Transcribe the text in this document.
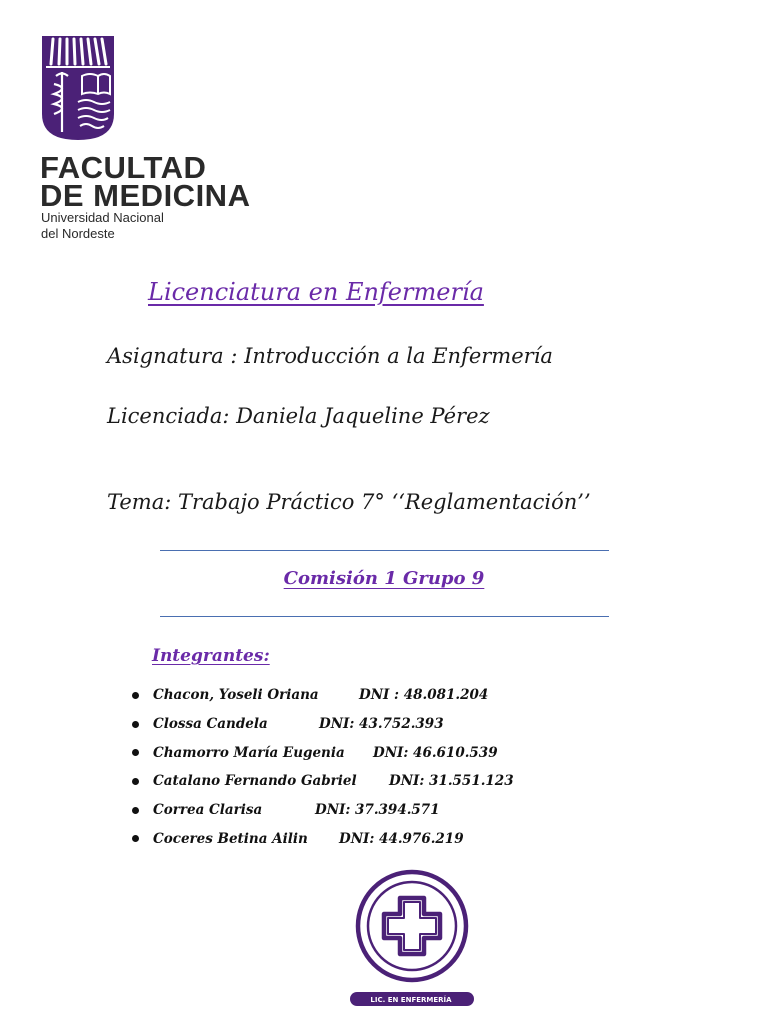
FACULTAD
DE MEDICINA
Universidad Nacional
del Nordeste
Licenciatura en Enfermería
Asignatura : Introducción a la Enfermería
Licenciada: Daniela Jaqueline Pérez
Tema: Trabajo Práctico 7° ‘‘Reglamentación’’
Comisión 1 Grupo 9
Integrantes:
Chacon, Yoseli Oriana	DNI : 48.081.204
Clossa Candela	DNI: 43.752.393
Chamorro María Eugenia	DNI: 46.610.539
Catalano Fernando Gabriel	DNI: 31.551.123
Correa Clarisa	DNI: 37.394.571
Coceres Betina Ailin	DNI: 44.976.219
LIC. EN ENFERMERÍA
